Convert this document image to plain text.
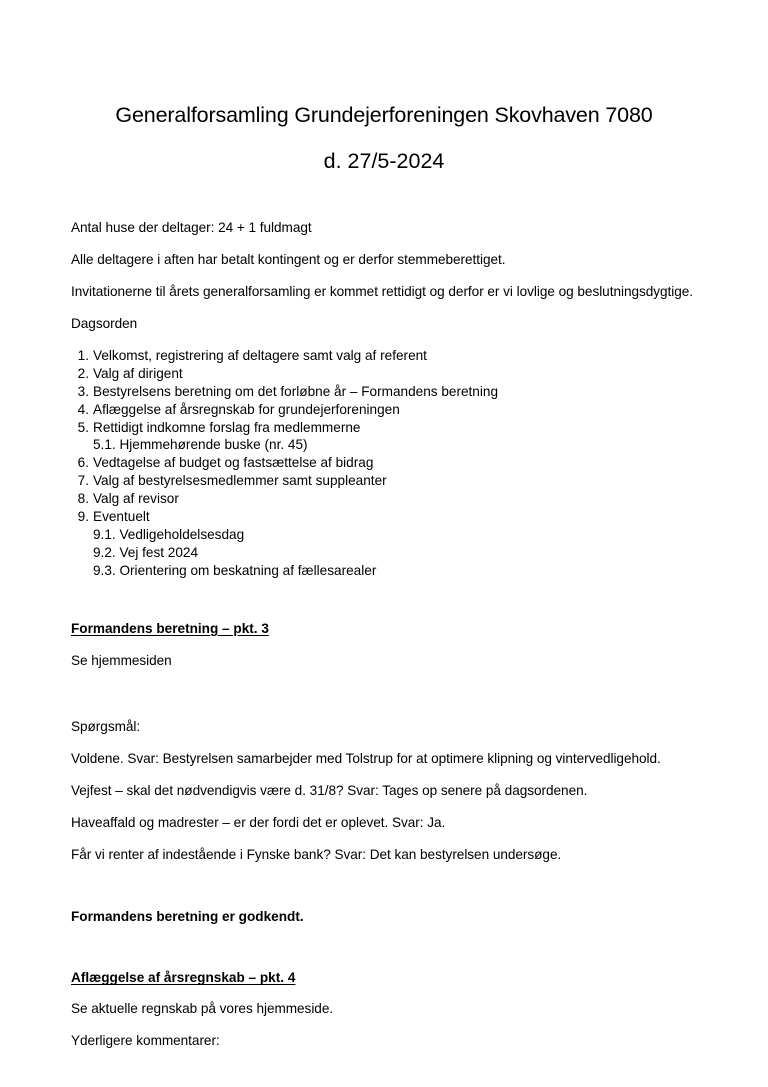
Generalforsamling Grundejerforeningen Skovhaven 7080
d. 27/5-2024

Antal huse der deltager: 24 + 1 fuldmagt

Alle deltagere i aften har betalt kontingent og er derfor stemmeberettiget.

Invitationerne til årets generalforsamling er kommet rettidigt og derfor er vi lovlige og beslutningsdygtige.

Dagsorden

1. Velkomst, registrering af deltagere samt valg af referent
2. Valg af dirigent
3. Bestyrelsens beretning om det forløbne år – Formandens beretning
4. Aflæggelse af årsregnskab for grundejerforeningen
5. Rettidigt indkomne forslag fra medlemmerne
5.1. Hjemmehørende buske (nr. 45)
6. Vedtagelse af budget og fastsættelse af bidrag
7. Valg af bestyrelsesmedlemmer samt suppleanter
8. Valg af revisor
9. Eventuelt
9.1. Vedligeholdelsesdag
9.2. Vej fest 2024
9.3. Orientering om beskatning af fællesarealer
Formandens beretning – pkt. 3

Se hjemmesiden

Spørgsmål:

Voldene. Svar: Bestyrelsen samarbejder med Tolstrup for at optimere klipning og vintervedligehold.

Vejfest – skal det nødvendigvis være d. 31/8? Svar: Tages op senere på dagsordenen.

Haveaffald og madrester – er der fordi det er oplevet. Svar: Ja.

Får vi renter af indestående i Fynske bank? Svar: Det kan bestyrelsen undersøge.

Formandens beretning er godkendt.

Aflæggelse af årsregnskab – pkt. 4

Se aktuelle regnskab på vores hjemmeside.

Yderligere kommentarer:
